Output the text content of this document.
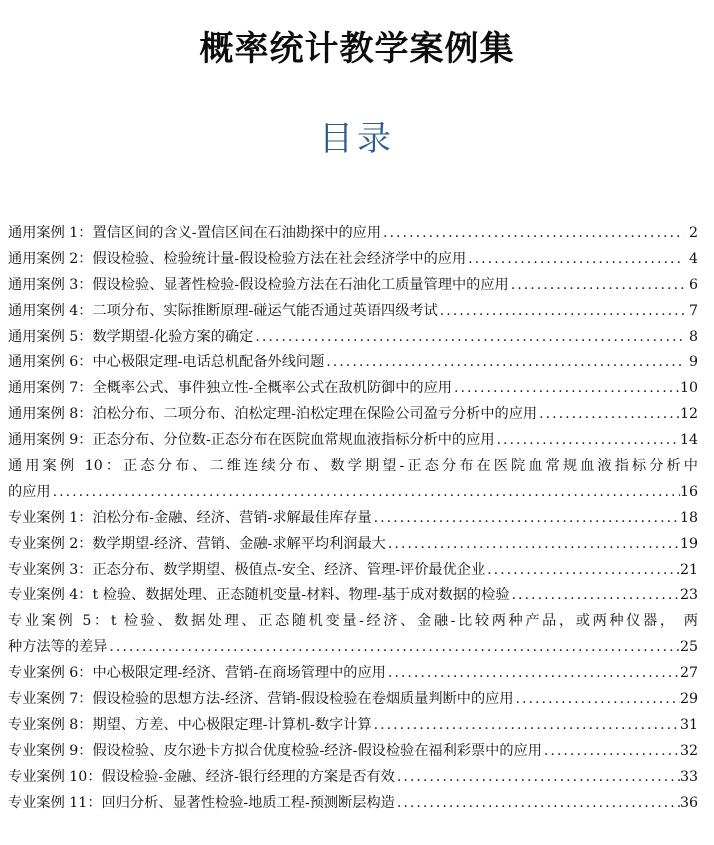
概率统计教学案例集
目录
通用案例 1：置信区间的含义-置信区间在石油勘探中的应用 .....	2
通用案例 2：假设检验、检验统计量-假设检验方法在社会经济学中的应用 .....	4
通用案例 3：假设检验、显著性检验-假设检验方法在石油化工质量管理中的应用 .....	6
通用案例 4：二项分布、实际推断原理-碰运气能否通过英语四级考试 .....	7
通用案例 5：数学期望-化验方案的确定 .....	8
通用案例 6：中心极限定理-电话总机配备外线问题 .....	9
通用案例 7：全概率公式、事件独立性-全概率公式在敌机防御中的应用 .....	10
通用案例 8：泊松分布、二项分布、泊松定理-泊松定理在保险公司盈亏分析中的应用 .....	12
通用案例 9：正态分布、分位数-正态分布在医院血常规血液指标分析中的应用 .....	14
通用案例 10：正态分布、二维连续分布、数学期望-正态分布在医院血常规血液指标分析中
的应用 .....	16
专业案例 1：泊松分布-金融、经济、营销-求解最佳库存量 .....	18
专业案例 2：数学期望-经济、营销、金融-求解平均利润最大 .....	19
专业案例 3：正态分布、数学期望、极值点-安全、经济、管理-评价最优企业 .....	21
专业案例 4：t 检验、数据处理、正态随机变量-材料、物理-基于成对数据的检验 .....	23
专业案例 5：t 检验、数据处理、正态随机变量-经济、金融-比较两种产品，或两种仪器， 两
种方法等的差异 .....	25
专业案例 6：中心极限定理-经济、营销-在商场管理中的应用 .....	27
专业案例 7：假设检验的思想方法-经济、营销-假设检验在卷烟质量判断中的应用 .....	29
专业案例 8：期望、方差、中心极限定理-计算机-数字计算 .....	31
专业案例 9：假设检验、皮尔逊卡方拟合优度检验-经济-假设检验在福利彩票中的应用 .....	32
专业案例 10：假设检验-金融、经济-银行经理的方案是否有效 .....	33
专业案例 11：回归分析、显著性检验-地质工程-预测断层构造 .....	36
